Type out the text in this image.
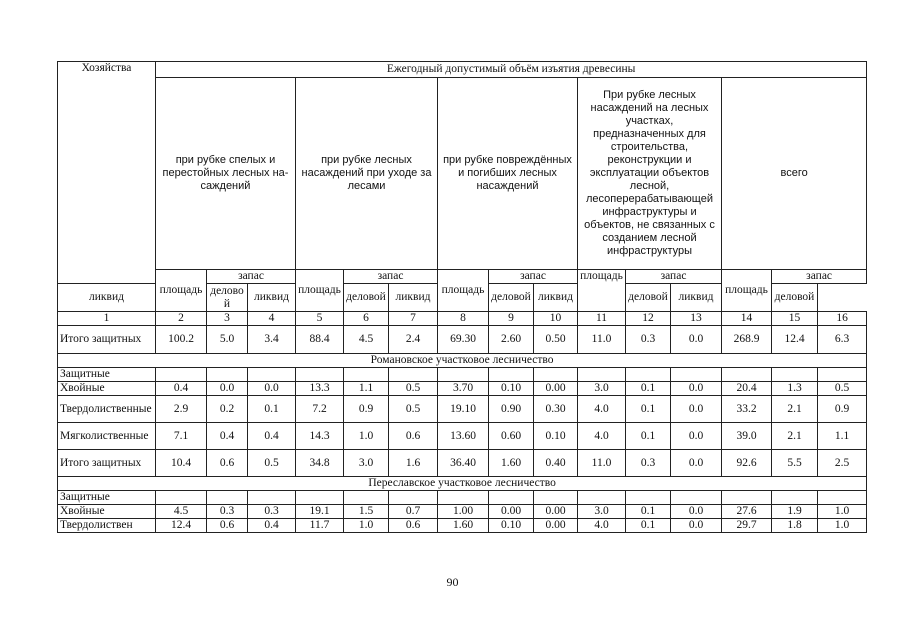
Хозяйства	Ежегодный допустимый объём изъятия древесины														
	при рубке спелых и перестойных лесных на- саждений			при рубке лесных насаждений при уходе за лесами			при рубке повреждённых и погибших лесных насаждений			При рубке лесных насаждений на лесных участках, предназначенных для строительства, реконструкции и эксплуатации объектов лесной, лесоперерабатывающей инфраструктуры и объектов, не связанных с созданием лесной инфраструктуры			всего		
	площадь	запас		площадь	запас		площадь	запас		площадь	запас		площадь	запас	
ликвид		деловой	ликвид		деловой	ликвид		деловой	ликвид		деловой	ликвид		деловой	
1	2	3	4	5	6	7	8	9	10	11	12	13	14	15	16
Итого защитных	100.2	5.0	3.4	88.4	4.5	2.4	69.30	2.60	0.50	11.0	0.3	0.0	268.9	12.4	6.3
Романовское участковое лесничество															
Защитные															
Хвойные	0.4	0.0	0.0	13.3	1.1	0.5	3.70	0.10	0.00	3.0	0.1	0.0	20.4	1.3	0.5
Твердолиственные	2.9	0.2	0.1	7.2	0.9	0.5	19.10	0.90	0.30	4.0	0.1	0.0	33.2	2.1	0.9
Мягколиственные	7.1	0.4	0.4	14.3	1.0	0.6	13.60	0.60	0.10	4.0	0.1	0.0	39.0	2.1	1.1
Итого защитных	10.4	0.6	0.5	34.8	3.0	1.6	36.40	1.60	0.40	11.0	0.3	0.0	92.6	5.5	2.5
Переславское участковое лесничество															
Защитные															
Хвойные	4.5	0.3	0.3	19.1	1.5	0.7	1.00	0.00	0.00	3.0	0.1	0.0	27.6	1.9	1.0
Твердолиствен	12.4	0.6	0.4	11.7	1.0	0.6	1.60	0.10	0.00	4.0	0.1	0.0	29.7	1.8	1.0
90
